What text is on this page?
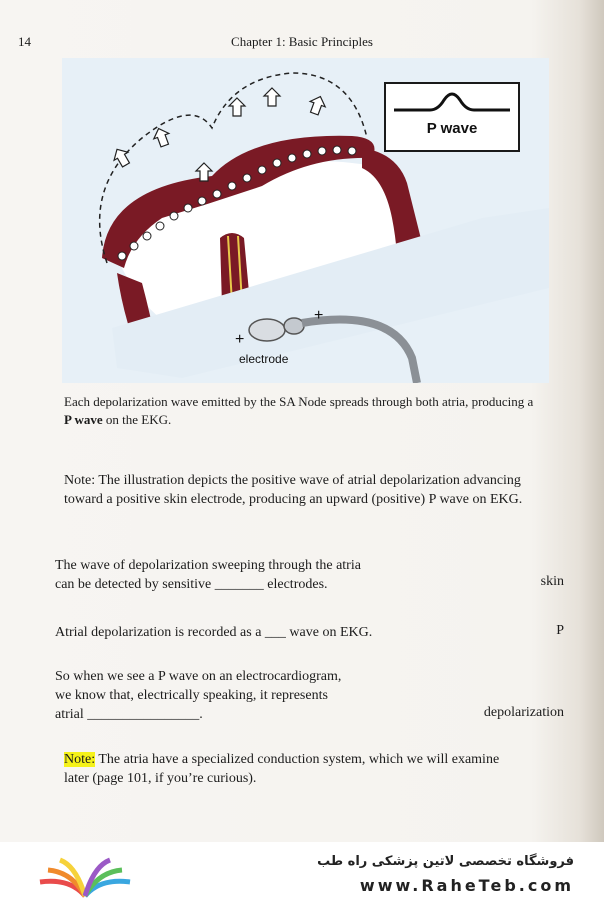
14	Chapter 1: Basic Principles
+
+
P wave
electrode
Each depolarization wave emitted by the SA Node spreads through both atria, producing a P wave on the EKG.
Note: The illustration depicts the positive wave of atrial depolarization advancing toward a positive skin electrode, producing an upward (positive) P wave on EKG.
The wave of depolarization sweeping through the atria
can be detected by sensitive _______ electrodes.	skin
Atrial depolarization is recorded as a ___ wave on EKG.	P
So when we see a P wave on an electrocardiogram,
we know that, electrically speaking, it represents
atrial ________________.	depolarization
Note: The atria have a specialized conduction system, which we will examine later (page 101, if you’re curious).
فروشگاه تخصصی لاتین پزشکی راه طب
www.RaheTeb.com
